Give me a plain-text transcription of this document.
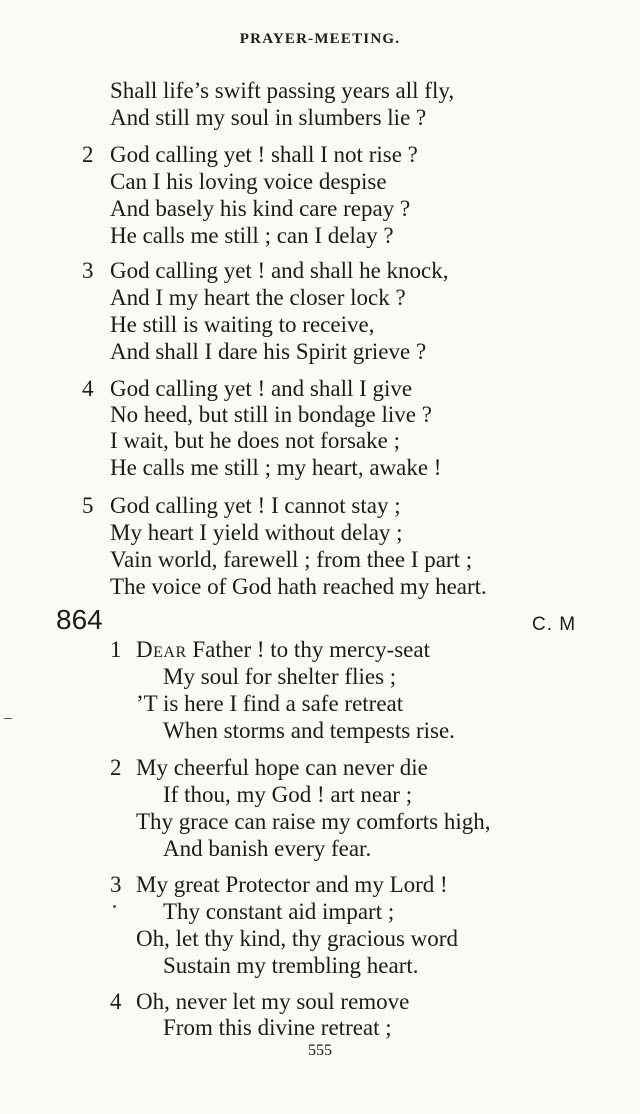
PRAYER-MEETING.
Shall life’s swift passing years all fly,
And still my soul in slumbers lie ?
2 God calling yet ! shall I not rise ?
Can I his loving voice despise
And basely his kind care repay ?
He calls me still ; can I delay ?
3 God calling yet ! and shall he knock,
And I my heart the closer lock ?
He still is waiting to receive,
And shall I dare his Spirit grieve ?
4 God calling yet ! and shall I give
No heed, but still in bondage live ?
I wait, but he does not forsake ;
He calls me still ; my heart, awake !
5 God calling yet ! I cannot stay ;
My heart I yield without delay ;
Vain world, farewell ; from thee I part ;
The voice of God hath reached my heart.
864	C. M
1 Dear Father ! to thy mercy-seat
My soul for shelter flies ;
’T is here I find a safe retreat
When storms and tempests rise.
2 My cheerful hope can never die
If thou, my God ! art near ;
Thy grace can raise my comforts high,
And banish every fear.
3 My great Protector and my Lord !
Thy constant aid impart ;
Oh, let thy kind, thy gracious word
Sustain my trembling heart.
4 Oh, never let my soul remove
From this divine retreat ;
555
